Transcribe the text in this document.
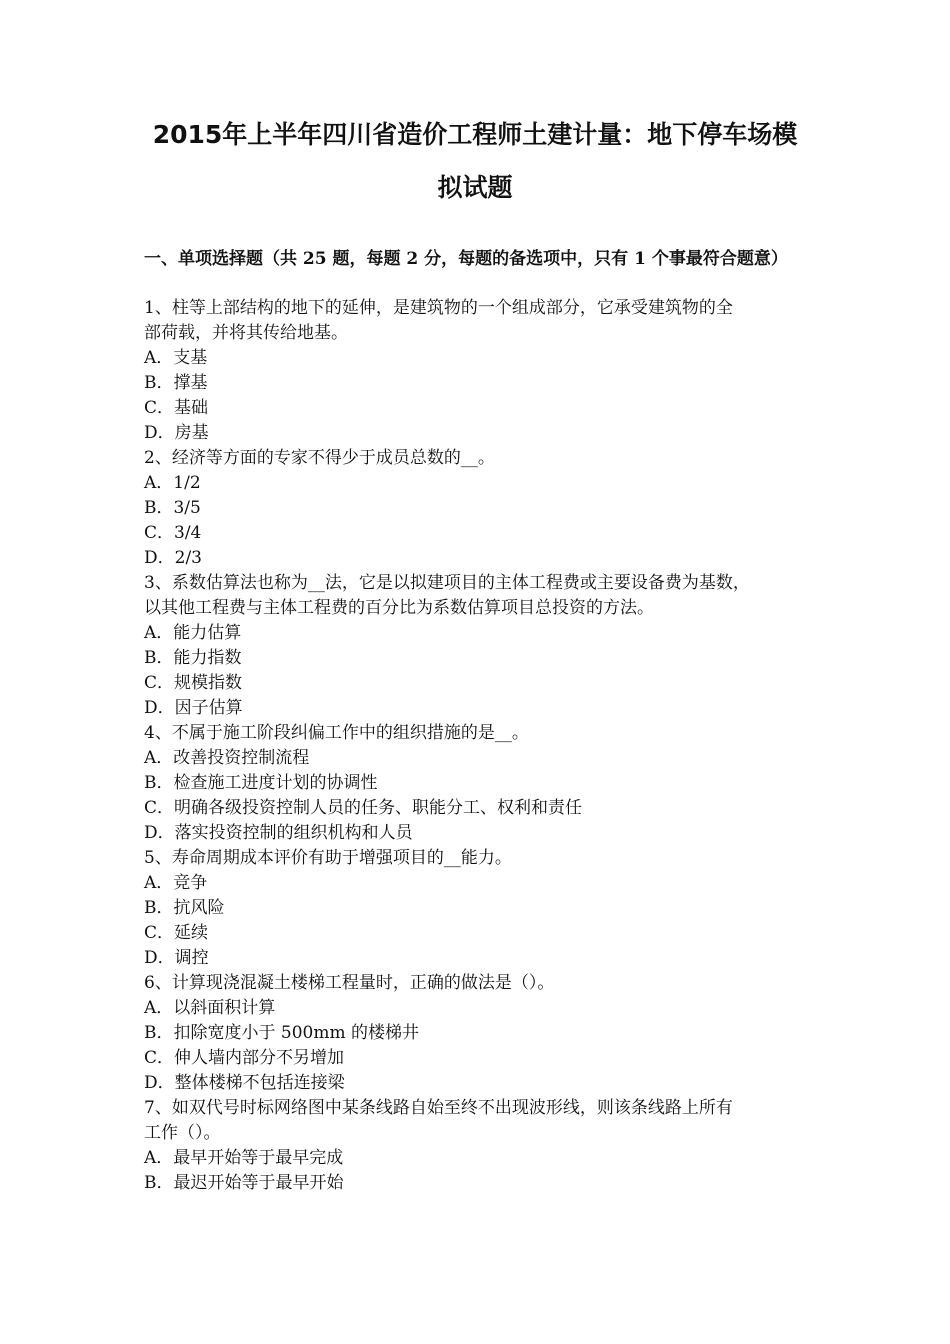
2015年上半年四川省造价工程师土建计量：地下停车场模
拟试题
一、单项选择题（共 25 题，每题 2 分，每题的备选项中，只有 1 个事最符合题意）
1、柱等上部结构的地下的延伸，是建筑物的一个组成部分，它承受建筑物的全
部荷载，并将其传给地基。
A．支基
B．撑基
C．基础
D．房基
2、经济等方面的专家不得少于成员总数的__。
A．1/2
B．3/5
C．3/4
D．2/3
3、系数估算法也称为__法，它是以拟建项目的主体工程费或主要设备费为基数，
以其他工程费与主体工程费的百分比为系数估算项目总投资的方法。
A．能力估算
B．能力指数
C．规模指数
D．因子估算
4、不属于施工阶段纠偏工作中的组织措施的是__。
A．改善投资控制流程
B．检查施工进度计划的协调性
C．明确各级投资控制人员的任务、职能分工、权利和责任
D．落实投资控制的组织机构和人员
5、寿命周期成本评价有助于增强项目的__能力。
A．竞争
B．抗风险
C．延续
D．调控
6、计算现浇混凝土楼梯工程量时，正确的做法是（）。
A．以斜面积计算
B．扣除宽度小于 500mm 的楼梯井
C．伸人墙内部分不另增加
D．整体楼梯不包括连接梁
7、如双代号时标网络图中某条线路自始至终不出现波形线，则该条线路上所有
工作（）。
A．最早开始等于最早完成
B．最迟开始等于最早开始
